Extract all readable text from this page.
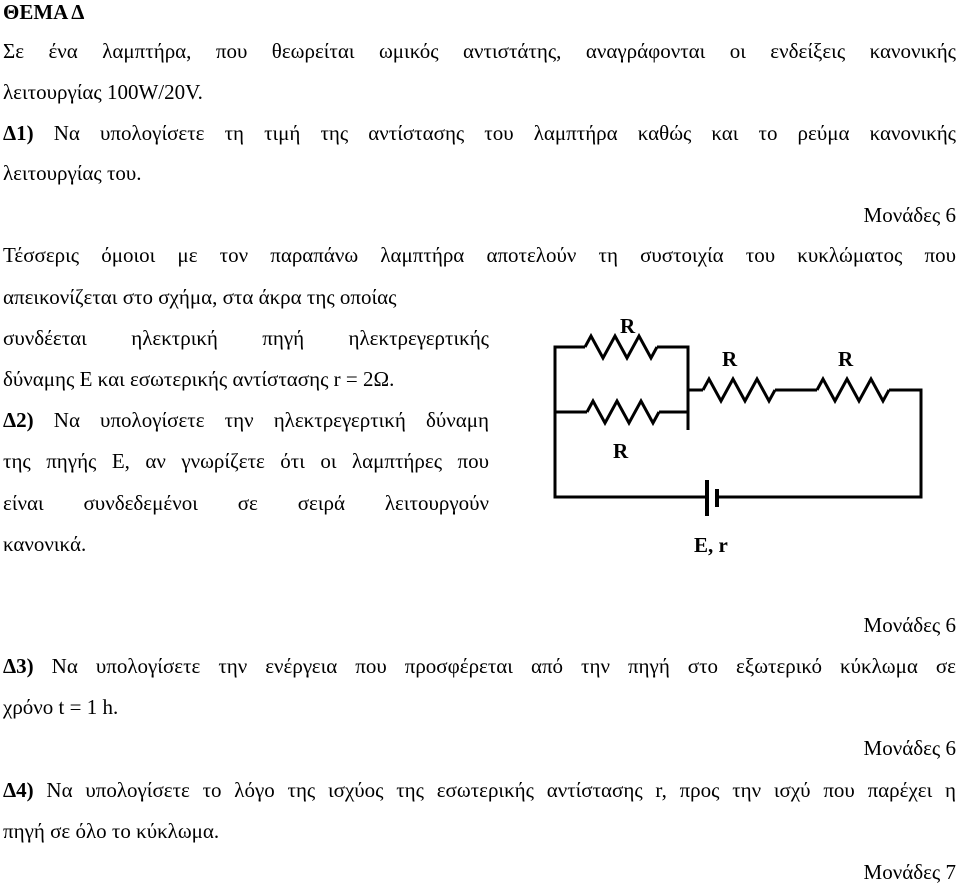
ΘΕΜΑ Δ
Σε ένα λαμπτήρα, που θεωρείται ωμικός αντιστάτης, αναγράφονται οι ενδείξεις κανονικής
λειτουργίας 100W/20V.
Δ1) Να υπολογίσετε τη τιμή της αντίστασης του λαμπτήρα καθώς και το ρεύμα κανονικής
λειτουργίας του.
Μονάδες 6
Τέσσερις όμοιοι με τον παραπάνω λαμπτήρα αποτελούν τη συστοιχία του κυκλώματος που
απεικονίζεται στο σχήμα, στα άκρα της οποίας
συνδέεται ηλεκτρική πηγή ηλεκτρεγερτικής
δύναμης E και εσωτερικής αντίστασης r = 2Ω.
Δ2) Να υπολογίσετε την ηλεκτρεγερτική δύναμη
της πηγής E, αν γνωρίζετε ότι οι λαμπτήρες που
είναι συνδεδεμένοι σε σειρά λειτουργούν
κανονικά.
Μονάδες 6
Δ3) Να υπολογίσετε την ενέργεια που προσφέρεται από την πηγή στο εξωτερικό κύκλωμα σε
χρόνο t = 1 h.
Μονάδες 6
Δ4) Να υπολογίσετε το λόγο της ισχύος της εσωτερικής αντίστασης r, προς την ισχύ που παρέχει η
πηγή σε όλο το κύκλωμα.
Μονάδες 7
R
R	R
R
E, r
